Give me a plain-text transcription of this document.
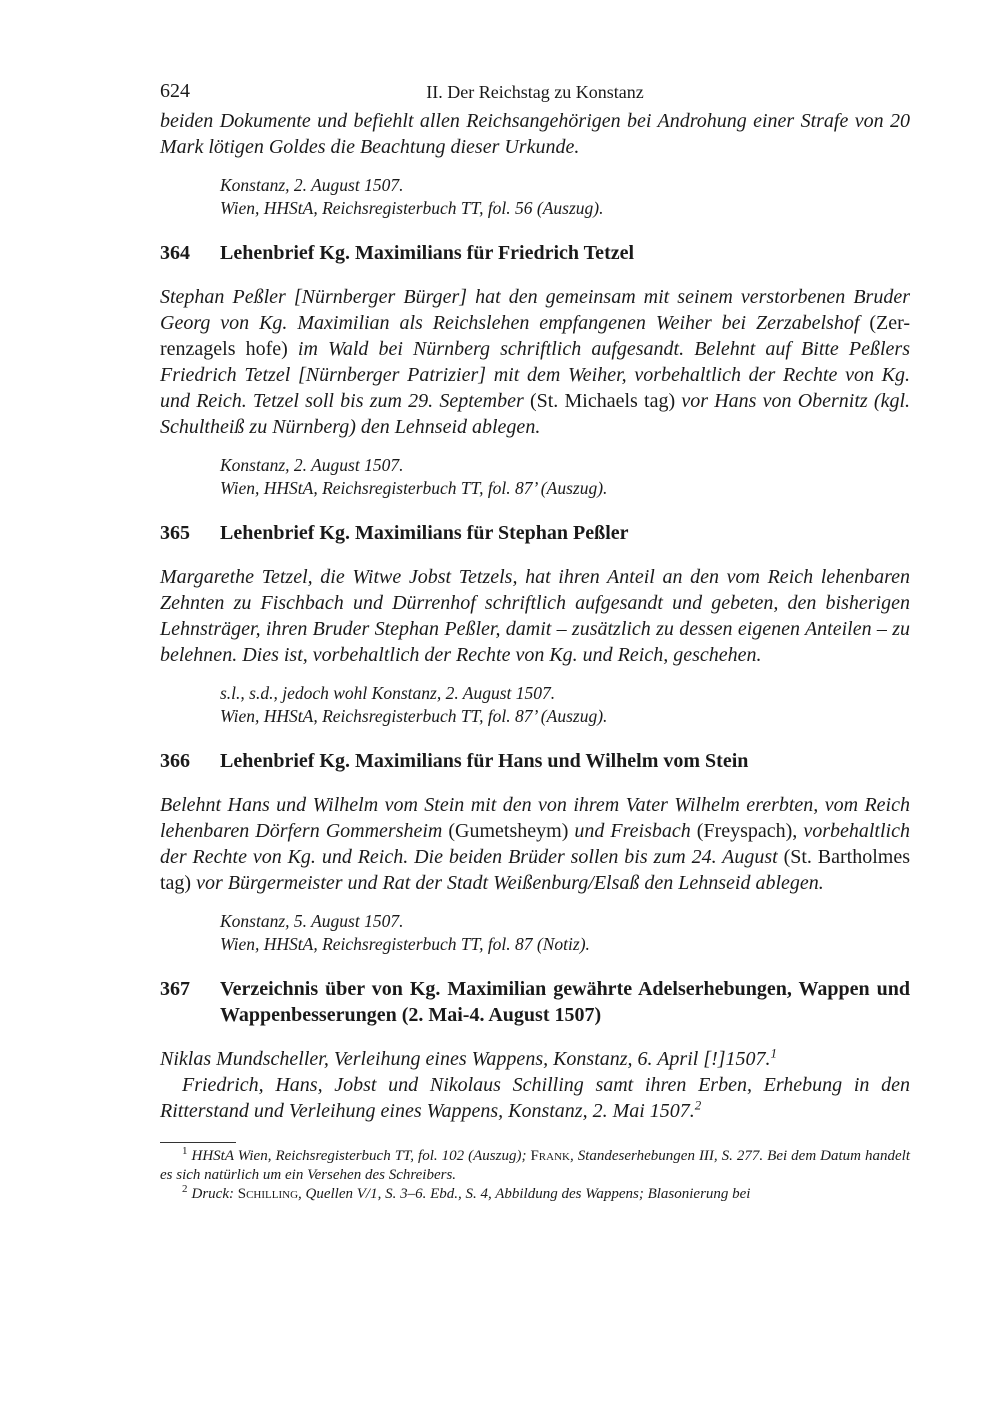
624	II. Der Reichstag zu Konstanz

beiden Dokumente und befiehlt allen Reichsangehörigen bei Androhung einer Strafe von 20 Mark lötigen Goldes die Beachtung dieser Urkunde.

Konstanz, 2. August 1507.
Wien, HHStA, Reichsregisterbuch TT, fol. 56 (Auszug).
364	Lehenbrief Kg. Maximilians für Friedrich Tetzel

Stephan Peßler [Nürnberger Bürger] hat den gemeinsam mit seinem verstorbenen Bruder Georg von Kg. Maximilian als Reichslehen empfangenen Weiher bei Zerzabelshof (Zer-renzagels hofe) im Wald bei Nürnberg schriftlich aufgesandt. Belehnt auf Bitte Peßlers Friedrich Tetzel [Nürnberger Patrizier] mit dem Weiher, vorbehaltlich der Rechte von Kg. und Reich. Tetzel soll bis zum 29. September (St. Michaels tag) vor Hans von Obernitz (kgl. Schultheiß zu Nürnberg) den Lehnseid ablegen.

Konstanz, 2. August 1507.
Wien, HHStA, Reichsregisterbuch TT, fol. 87’ (Auszug).
365	Lehenbrief Kg. Maximilians für Stephan Peßler

Margarethe Tetzel, die Witwe Jobst Tetzels, hat ihren Anteil an den vom Reich lehenbaren Zehnten zu Fischbach und Dürrenhof schriftlich aufgesandt und gebeten, den bisherigen Lehnsträger, ihren Bruder Stephan Peßler, damit – zusätzlich zu dessen eigenen Anteilen – zu belehnen. Dies ist, vorbehaltlich der Rechte von Kg. und Reich, geschehen.

s.l., s.d., jedoch wohl Konstanz, 2. August 1507.
Wien, HHStA, Reichsregisterbuch TT, fol. 87’ (Auszug).
366	Lehenbrief Kg. Maximilians für Hans und Wilhelm vom Stein

Belehnt Hans und Wilhelm vom Stein mit den von ihrem Vater Wilhelm ererbten, vom Reich lehenbaren Dörfern Gommersheim (Gumetsheym) und Freisbach (Freyspach), vorbehaltlich der Rechte von Kg. und Reich. Die beiden Brüder sollen bis zum 24. August (St. Bartholmes tag) vor Bürgermeister und Rat der Stadt Weißenburg/Elsaß den Lehnseid ablegen.

Konstanz, 5. August 1507.
Wien, HHStA, Reichsregisterbuch TT, fol. 87 (Notiz).
367	Verzeichnis über von Kg. Maximilian gewährte Adelserhebungen, Wappen und Wappenbesserungen (2. Mai-4. August 1507)

Niklas Mundscheller, Verleihung eines Wappens, Konstanz, 6. April [!]1507.$^1$

Friedrich, Hans, Jobst und Nikolaus Schilling samt ihren Erben, Erhebung in den Ritterstand und Verleihung eines Wappens, Konstanz, 2. Mai 1507.$^2$

$^1$ HHStA Wien, Reichsregisterbuch TT, fol. 102 (Auszug); Frank, Standeserhebungen III, S. 277. Bei dem Datum handelt es sich natürlich um ein Versehen des Schreibers.

$^2$ Druck: Schilling, Quellen V/1, S. 3–6. Ebd., S. 4, Abbildung des Wappens; Blasonierung bei
